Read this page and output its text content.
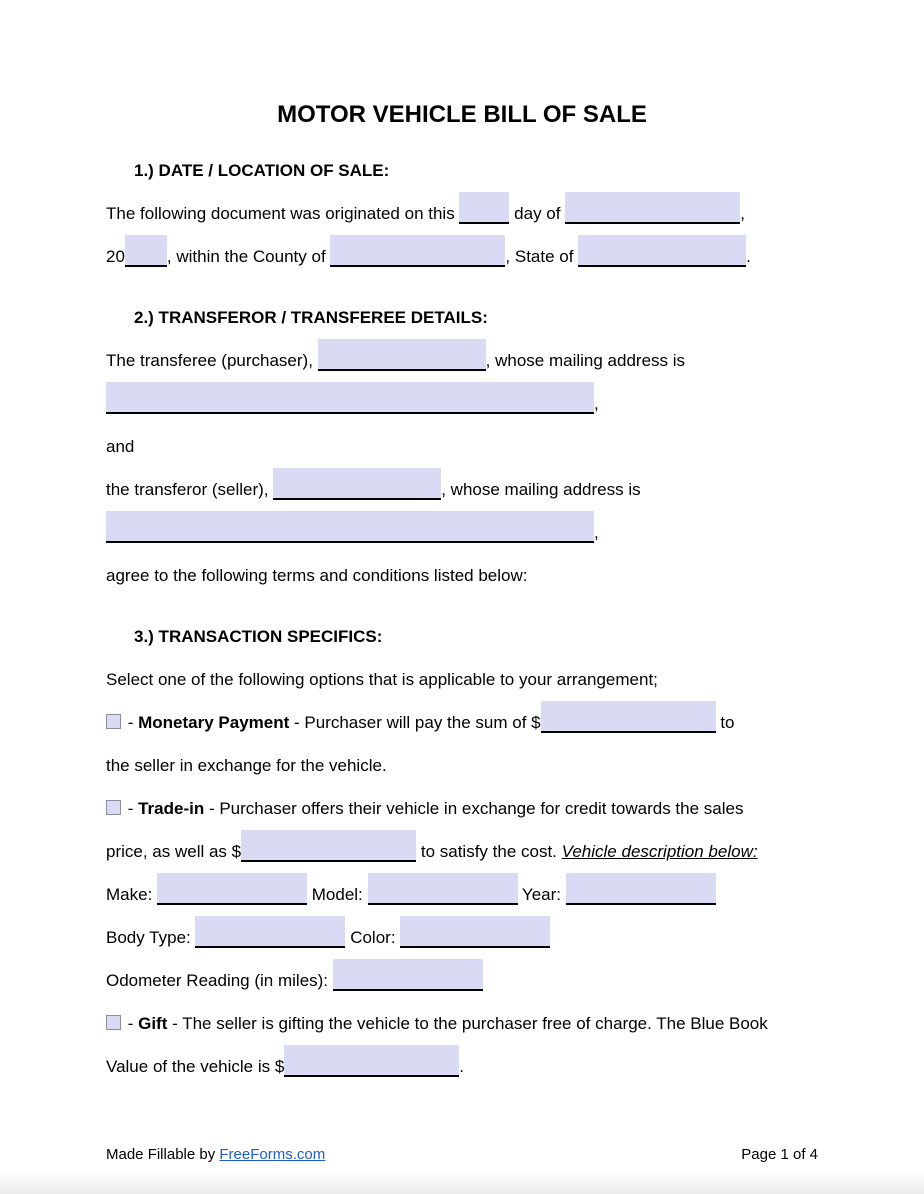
MOTOR VEHICLE BILL OF SALE
1.) DATE / LOCATION OF SALE:
The following document was originated on this	day of	,
20 , within the County of	, State of	.
2.) TRANSFEROR / TRANSFEREE DETAILS:
The transferee (purchaser),	, whose mailing address is
,
and
the transferor (seller),	, whose mailing address is
,
agree to the following terms and conditions listed below:
3.) TRANSACTION SPECIFICS:
Select one of the following options that is applicable to your arrangement;
- Monetary Payment - Purchaser will pay the sum of $	to
the seller in exchange for the vehicle.
- Trade-in - Purchaser offers their vehicle in exchange for credit towards the sales
price, as well as $	to satisfy the cost. Vehicle description below:
Make:	Model:	Year:
Body Type:	Color:
Odometer Reading (in miles):
- Gift - The seller is gifting the vehicle to the purchaser free of charge. The Blue Book
Value of the vehicle is $	.
Made Fillable by FreeForms.com	Page 1 of 4
